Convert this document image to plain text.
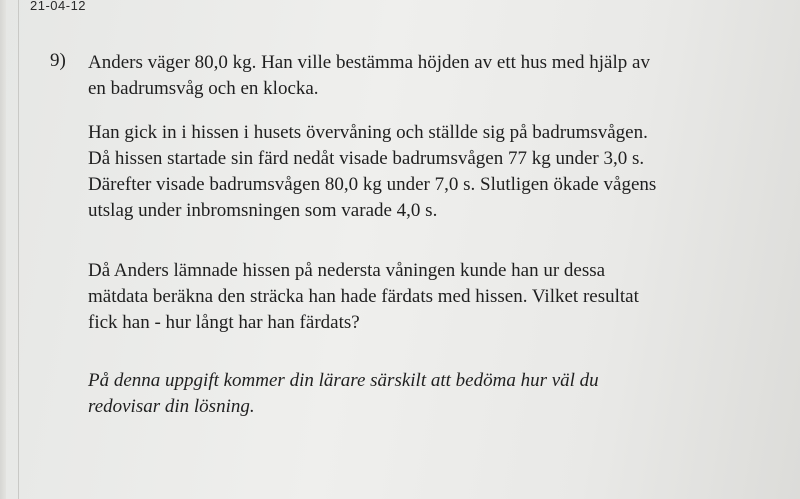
21-04-12
9) Anders väger 80,0 kg. Han ville bestämma höjden av ett hus med hjälp av

en badrumsvåg och en klocka.

Han gick in i hissen i husets övervåning och ställde sig på badrumsvågen.

Då hissen startade sin färd nedåt visade badrumsvågen 77 kg under 3,0 s.

Därefter visade badrumsvågen 80,0 kg under 7,0 s. Slutligen ökade vågens

utslag under inbromsningen som varade 4,0 s.

Då Anders lämnade hissen på nedersta våningen kunde han ur dessa

mätdata beräkna den sträcka han hade färdats med hissen. Vilket resultat

fick han - hur långt har han färdats?

På denna uppgift kommer din lärare särskilt att bedöma hur väl du

redovisar din lösning.
